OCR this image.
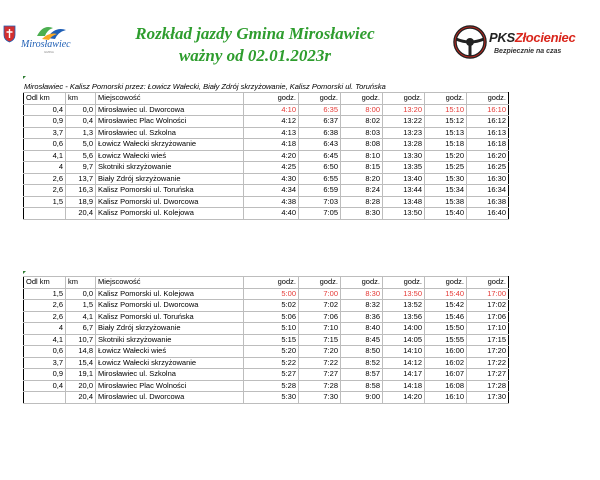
Mirosławiec
GMINA
Rozkład jazdy Gmina Mirosławiec
ważny od 02.01.2023r
PKSZłocieniec
Bezpiecznie na czas
Mirosławiec - Kalisz Pomorski przez: Łowicz Wałecki, Biały Zdrój skrzyżowanie, Kalisz Pomorski ul. Toruńska
Odl km	km	Miejscowość	godz.	godz.	godz.	godz.	godz.	godz.
0,4	0,0	Mirosławiec ul. Dworcowa	4:10	6:35	8:00	13:20	15:10	16:10
0,9	0,4	Mirosławiec Plac Wolności	4:12	6:37	8:02	13:22	15:12	16:12
3,7	1,3	Mirosławiec ul. Szkolna	4:13	6:38	8:03	13:23	15:13	16:13
0,6	5,0	Łowicz Wałecki skrzyżowanie	4:18	6:43	8:08	13:28	15:18	16:18
4,1	5,6	Łowicz Wałecki wieś	4:20	6:45	8:10	13:30	15:20	16:20
4	9,7	Skotniki skrzyżowanie	4:25	6:50	8:15	13:35	15:25	16:25
2,6	13,7	Biały Zdrój skrzyżowanie	4:30	6:55	8:20	13:40	15:30	16:30
2,6	16,3	Kalisz Pomorski ul. Toruńska	4:34	6:59	8:24	13:44	15:34	16:34
1,5	18,9	Kalisz Pomorski ul. Dworcowa	4:38	7:03	8:28	13:48	15:38	16:38
	20,4	Kalisz Pomorski ul. Kolejowa	4:40	7:05	8:30	13:50	15:40	16:40
Odl km	km	Miejscowość	godz.	godz.	godz.	godz.	godz.	godz.
1,5	0,0	Kalisz Pomorski ul. Kolejowa	5:00	7:00	8:30	13:50	15:40	17:00
2,6	1,5	Kalisz Pomorski ul. Dworcowa	5:02	7:02	8:32	13:52	15:42	17:02
2,6	4,1	Kalisz Pomorski ul. Toruńska	5:06	7:06	8:36	13:56	15:46	17:06
4	6,7	Biały Zdrój skrzyżowanie	5:10	7:10	8:40	14:00	15:50	17:10
4,1	10,7	Skotniki skrzyżowanie	5:15	7:15	8:45	14:05	15:55	17:15
0,6	14,8	Łowicz Wałecki wieś	5:20	7:20	8:50	14:10	16:00	17:20
3,7	15,4	Łowicz Wałecki skrzyżowanie	5:22	7:22	8:52	14:12	16:02	17:22
0,9	19,1	Mirosławiec ul. Szkolna	5:27	7:27	8:57	14:17	16:07	17:27
0,4	20,0	Mirosławiec Plac Wolności	5:28	7:28	8:58	14:18	16:08	17:28
	20,4	Mirosławiec ul. Dworcowa	5:30	7:30	9:00	14:20	16:10	17:30
